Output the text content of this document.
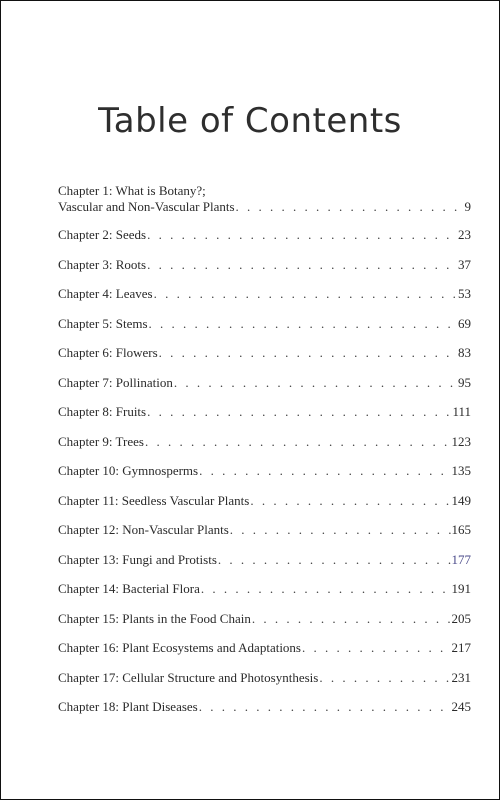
Table of Contents
Chapter 1: What is Botany?;
Vascular and Non-Vascular Plants . . .	9
Chapter 2: Seeds . . .	23
Chapter 3: Roots . . .	37
Chapter 4: Leaves . . .	53
Chapter 5: Stems . . .	69
Chapter 6: Flowers . . .	83
Chapter 7: Pollination . . .	95
Chapter 8: Fruits . . .	111
Chapter 9: Trees . . .	123
Chapter 10: Gymnosperms . . .	135
Chapter 11: Seedless Vascular Plants . . .	149
Chapter 12: Non-Vascular Plants . . .	165
Chapter 13: Fungi and Protists . . .	177
Chapter 14: Bacterial Flora . . .	191
Chapter 15: Plants in the Food Chain . . .	205
Chapter 16: Plant Ecosystems and Adaptations . . .	217
Chapter 17: Cellular Structure and Photosynthesis . . .	231
Chapter 18: Plant Diseases . . .	245
